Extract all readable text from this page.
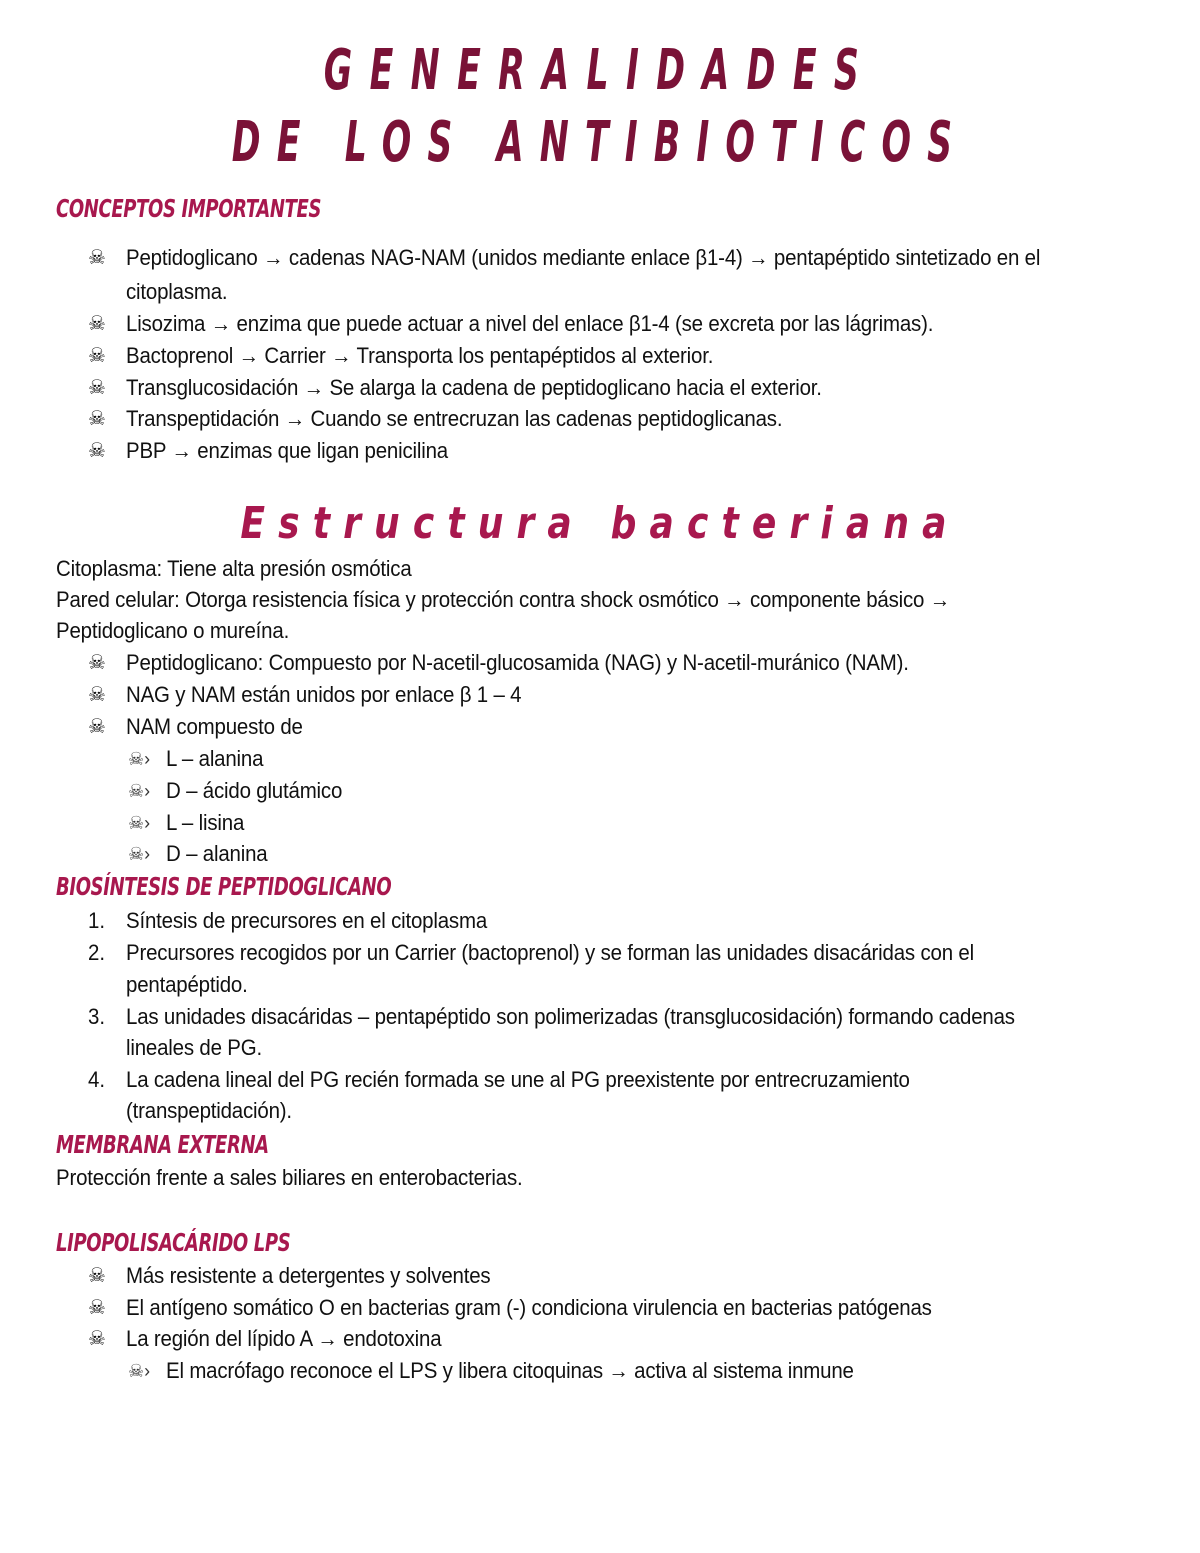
GENERALIDADES
DE LOS ANTIBIOTICOS
CONCEPTOS IMPORTANTES
☠ Peptidoglicano → cadenas NAG-NAM (unidos mediante enlace β1-4) → pentapéptido sintetizado en el
citoplasma.
☠ Lisozima → enzima que puede actuar a nivel del enlace β1-4 (se excreta por las lágrimas).
☠ Bactoprenol → Carrier → Transporta los pentapéptidos al exterior.
☠ Transglucosidación → Se alarga la cadena de peptidoglicano hacia el exterior.
☠ Transpeptidación → Cuando se entrecruzan las cadenas peptidoglicanas.
☠ PBP → enzimas que ligan penicilina
Estructura bacteriana
Citoplasma: Tiene alta presión osmótica
Pared celular: Otorga resistencia física y protección contra shock osmótico → componente básico →
Peptidoglicano o mureína.
☠ Peptidoglicano: Compuesto por N-acetil-glucosamida (NAG) y N-acetil-muránico (NAM).
☠ NAG y NAM están unidos por enlace β 1 – 4
☠ NAM compuesto de
☠› L – alanina
☠› D – ácido glutámico
☠› L – lisina
☠› D – alanina
BIOSÍNTESIS DE PEPTIDOGLICANO
1. Síntesis de precursores en el citoplasma
2. Precursores recogidos por un Carrier (bactoprenol) y se forman las unidades disacáridas con el
pentapéptido.
3. Las unidades disacáridas – pentapéptido son polimerizadas (transglucosidación) formando cadenas
lineales de PG.
4. La cadena lineal del PG recién formada se une al PG preexistente por entrecruzamiento
(transpeptidación).
MEMBRANA EXTERNA
Protección frente a sales biliares en enterobacterias.
LIPOPOLISACÁRIDO LPS
☠ Más resistente a detergentes y solventes
☠ El antígeno somático O en bacterias gram (-) condiciona virulencia en bacterias patógenas
☠ La región del lípido A → endotoxina
☠› El macrófago reconoce el LPS y libera citoquinas → activa al sistema inmune
